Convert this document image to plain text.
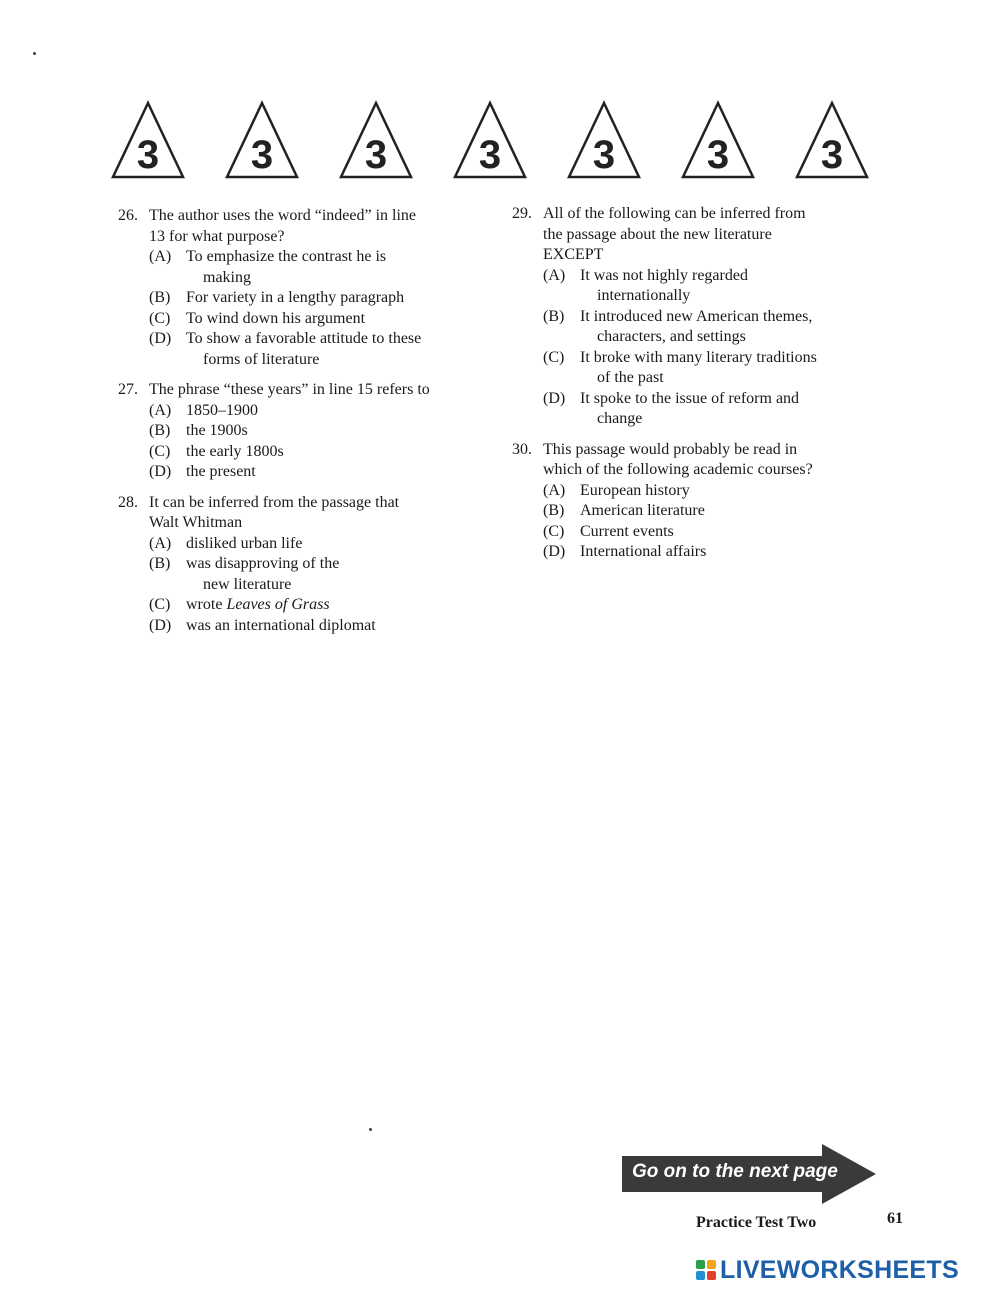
3 3 3 3 3 3 3
26. The author uses the word “indeed” in line
13 for what purpose?
(A) To emphasize the contrast he is
making
(B) For variety in a lengthy paragraph
(C) To wind down his argument
(D) To show a favorable attitude to these
forms of literature
27. The phrase “these years” in line 15 refers to
(A) 1850–1900
(B) the 1900s
(C) the early 1800s
(D) the present
28. It can be inferred from the passage that
Walt Whitman
(A) disliked urban life
(B) was disapproving of the
new literature
(C) wrote Leaves of Grass
(D) was an international diplomat
29. All of the following can be inferred from
the passage about the new literature
EXCEPT
(A) It was not highly regarded
internationally
(B) It introduced new American themes,
characters, and settings
(C) It broke with many literary traditions
of the past
(D) It spoke to the issue of reform and
change
30. This passage would probably be read in
which of the following academic courses?
(A) European history
(B) American literature
(C) Current events
(D) International affairs
Go on to the next page
Practice Test Two	61
LIVEWORKSHEETS
